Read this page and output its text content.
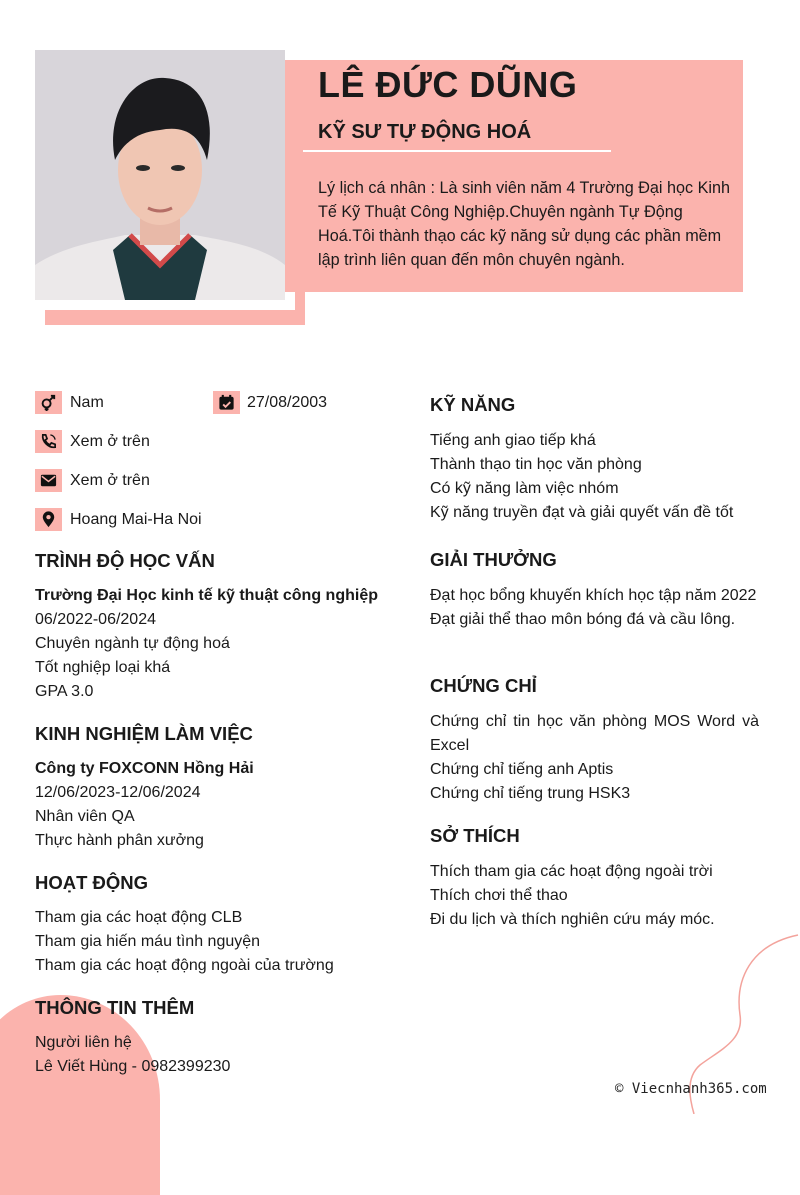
LÊ ĐỨC DŨNG
KỸ SƯ TỰ ĐỘNG HOÁ
Lý lịch cá nhân : Là sinh viên năm 4 Trường Đại học Kinh Tế Kỹ Thuật Công Nghiệp.Chuyên ngành Tự Động Hoá.Tôi thành thạo các kỹ năng sử dụng các phần mềm lập trình liên quan đến môn chuyên ngành.
Nam	27/08/2003
Xem ở trên
Xem ở trên
Hoang Mai-Ha Noi
TRÌNH ĐỘ HỌC VẤN
Trường Đại Học kinh tế kỹ thuật công nghiệp
06/2022-06/2024
Chuyên ngành tự động hoá
Tốt nghiệp loại khá
GPA 3.0
KINH NGHIỆM LÀM VIỆC
Công ty FOXCONN Hồng Hải
12/06/2023-12/06/2024
Nhân viên QA
Thực hành phân xưởng
HOẠT ĐỘNG
Tham gia các hoạt động CLB
Tham gia hiến máu tình nguyện
Tham gia các hoạt động ngoài của trường
THÔNG TIN THÊM
Người liên hệ
Lê Viết Hùng - 0982399230
KỸ NĂNG
Tiếng anh giao tiếp khá
Thành thạo tin học văn phòng
Có kỹ năng làm việc nhóm
Kỹ năng truyền đạt và giải quyết vấn đề tốt
GIẢI THƯỞNG
Đạt học bổng khuyến khích học tập năm 2022
Đạt giải thể thao môn bóng đá và cầu lông.
CHỨNG CHỈ
Chứng chỉ tin học văn phòng MOS Word và Excel
Chứng chỉ tiếng anh Aptis
Chứng chỉ tiếng trung HSK3
SỞ THÍCH
Thích tham gia các hoạt động ngoài trời
Thích chơi thể thao
Đi du lịch và thích nghiên cứu máy móc.
© Viecnhanh365.com
